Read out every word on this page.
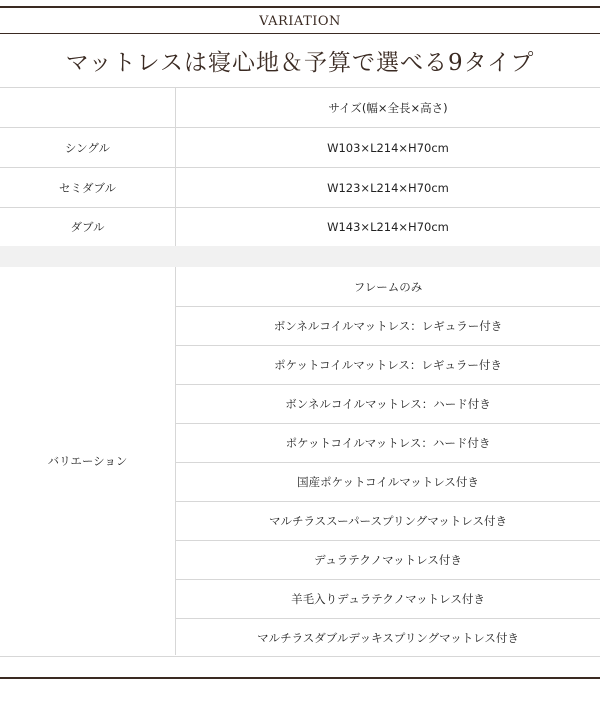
VARIATION
マットレスは寝心地＆予算で選べる9タイプ
サイズ(幅×全長×高さ)
シングル	W103×L214×H70cm
セミダブル	W123×L214×H70cm
ダブル	W143×L214×H70cm
バリエーション
フレームのみ
ボンネルコイルマットレス：レギュラー付き
ポケットコイルマットレス：レギュラー付き
ボンネルコイルマットレス：ハード付き
ポケットコイルマットレス：ハード付き
国産ポケットコイルマットレス付き
マルチラススーパースプリングマットレス付き
デュラテクノマットレス付き
羊毛入りデュラテクノマットレス付き
マルチラスダブルデッキスプリングマットレス付き
